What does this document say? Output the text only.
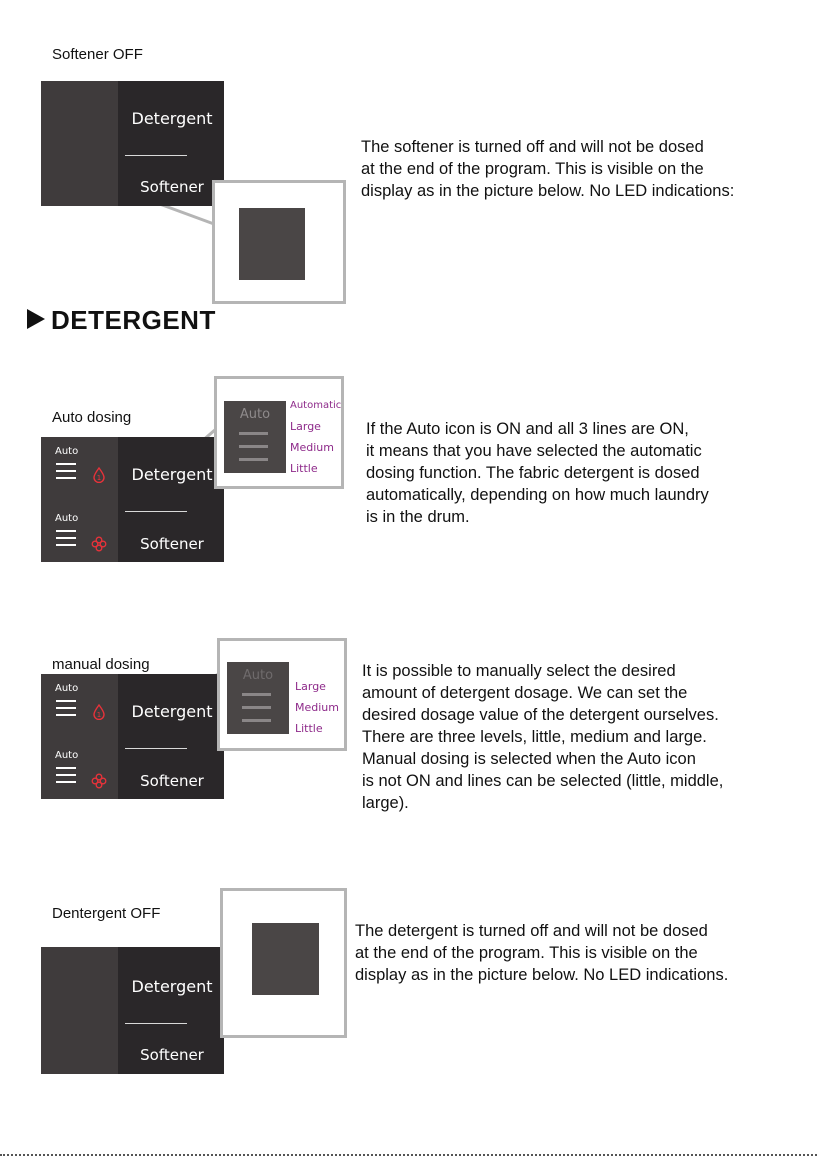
Softener OFF
Detergent
Softener
The softener is turned off and will not be dosed
at the end of the program. This is visible on the
display as in the picture below. No LED indications:
DETERGENT
Auto dosing
Auto
1	Detergent
Auto
Softener
Auto
Automatic
Large
Medium
Little
If the Auto icon is ON and all 3 lines are ON,
it means that you have selected the automatic
dosing function. The fabric detergent is dosed
automatically, depending on how much laundry
is in the drum.
manual dosing
Auto
1	Detergent
Auto
Softener
Auto
Large
Medium
Little
It is possible to manually select the desired
amount of detergent dosage. We can set the
desired dosage value of the detergent ourselves.
There are three levels, little, medium and large.
Manual dosing is selected when the Auto icon
is not ON and lines can be selected (little, middle,
large).
Dentergent OFF
Detergent
Softener
The detergent is turned off and will not be dosed
at the end of the program. This is visible on the
display as in the picture below. No LED indications.
